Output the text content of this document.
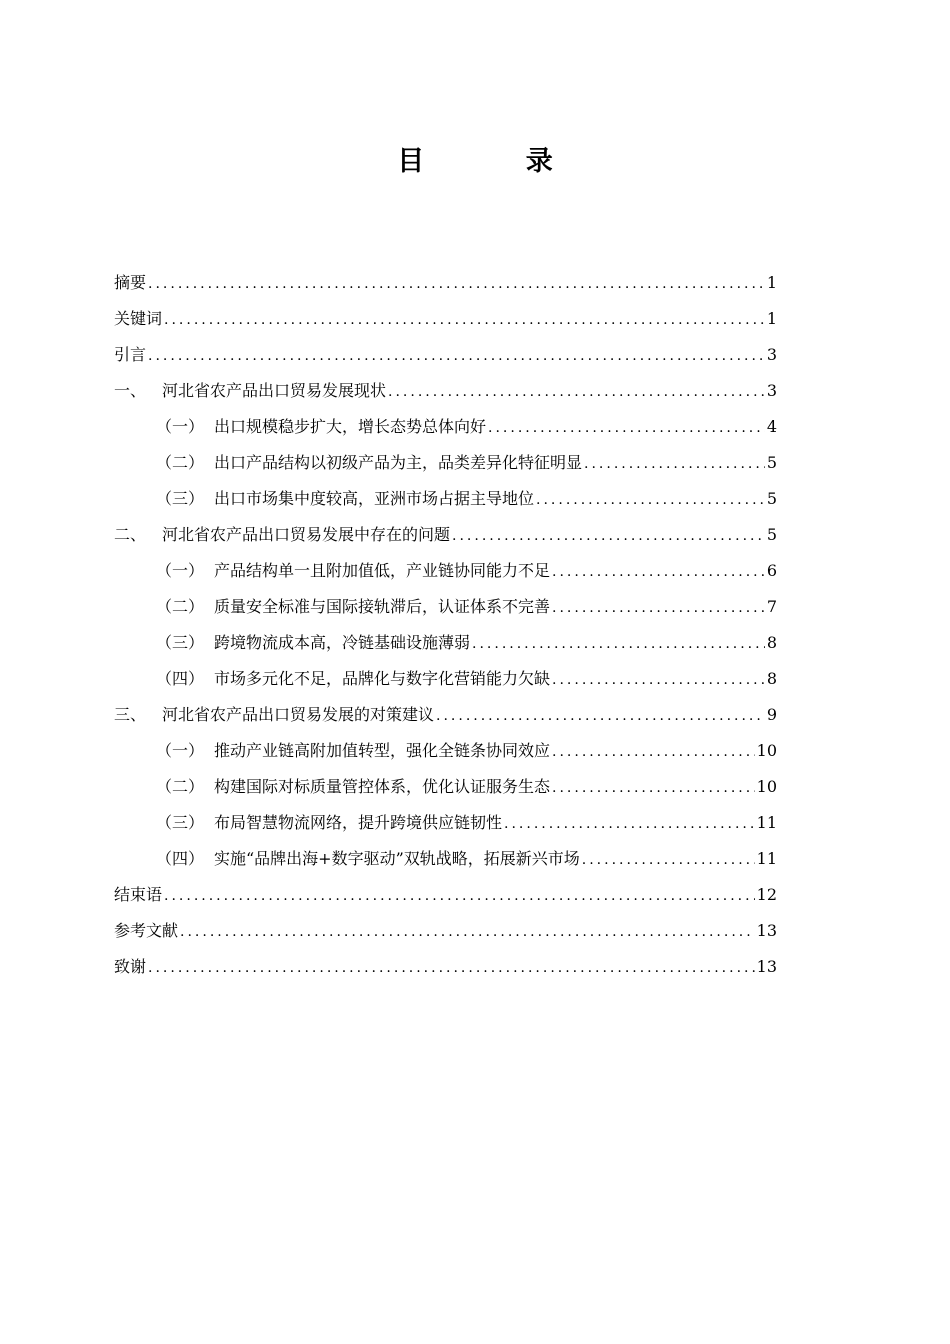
目 录
摘要 .....	1
关键词 .....	1
引言 .....	3
一、 河北省农产品出口贸易发展现状 .....	3
（一） 出口规模稳步扩大，增长态势总体向好 .....	4
（二） 出口产品结构以初级产品为主，品类差异化特征明显 .....	5
（三） 出口市场集中度较高，亚洲市场占据主导地位 .....	5
二、 河北省农产品出口贸易发展中存在的问题 .....	5
（一） 产品结构单一且附加值低，产业链协同能力不足 .....	6
（二） 质量安全标准与国际接轨滞后，认证体系不完善 .....	7
（三） 跨境物流成本高，冷链基础设施薄弱 .....	8
（四） 市场多元化不足，品牌化与数字化营销能力欠缺 .....	8
三、 河北省农产品出口贸易发展的对策建议 .....	9
（一） 推动产业链高附加值转型，强化全链条协同效应 .....	10
（二） 构建国际对标质量管控体系，优化认证服务生态 .....	10
（三） 布局智慧物流网络，提升跨境供应链韧性 .....	11
（四） 实施“品牌出海+数字驱动”双轨战略，拓展新兴市场 .....	11
结束语 .....	12
参考文献 .....	13
致谢 .....	13
